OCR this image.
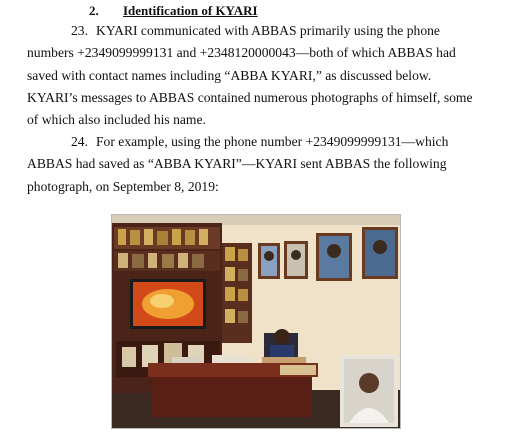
2. Identification of KYARI
23. KYARI communicated with ABBAS primarily using the phone
numbers +2349099999131 and +2348120000043—both of which ABBAS had
saved with contact names including “ABBA KYARI,” as discussed below.
KYARI’s messages to ABBAS contained numerous photographs of himself, some
of which also included his name.
24. For example, using the phone number +2349099999131—which
ABBAS had saved as “ABBA KYARI”—KYARI sent ABBAS the following
photograph, on September 8, 2019:
